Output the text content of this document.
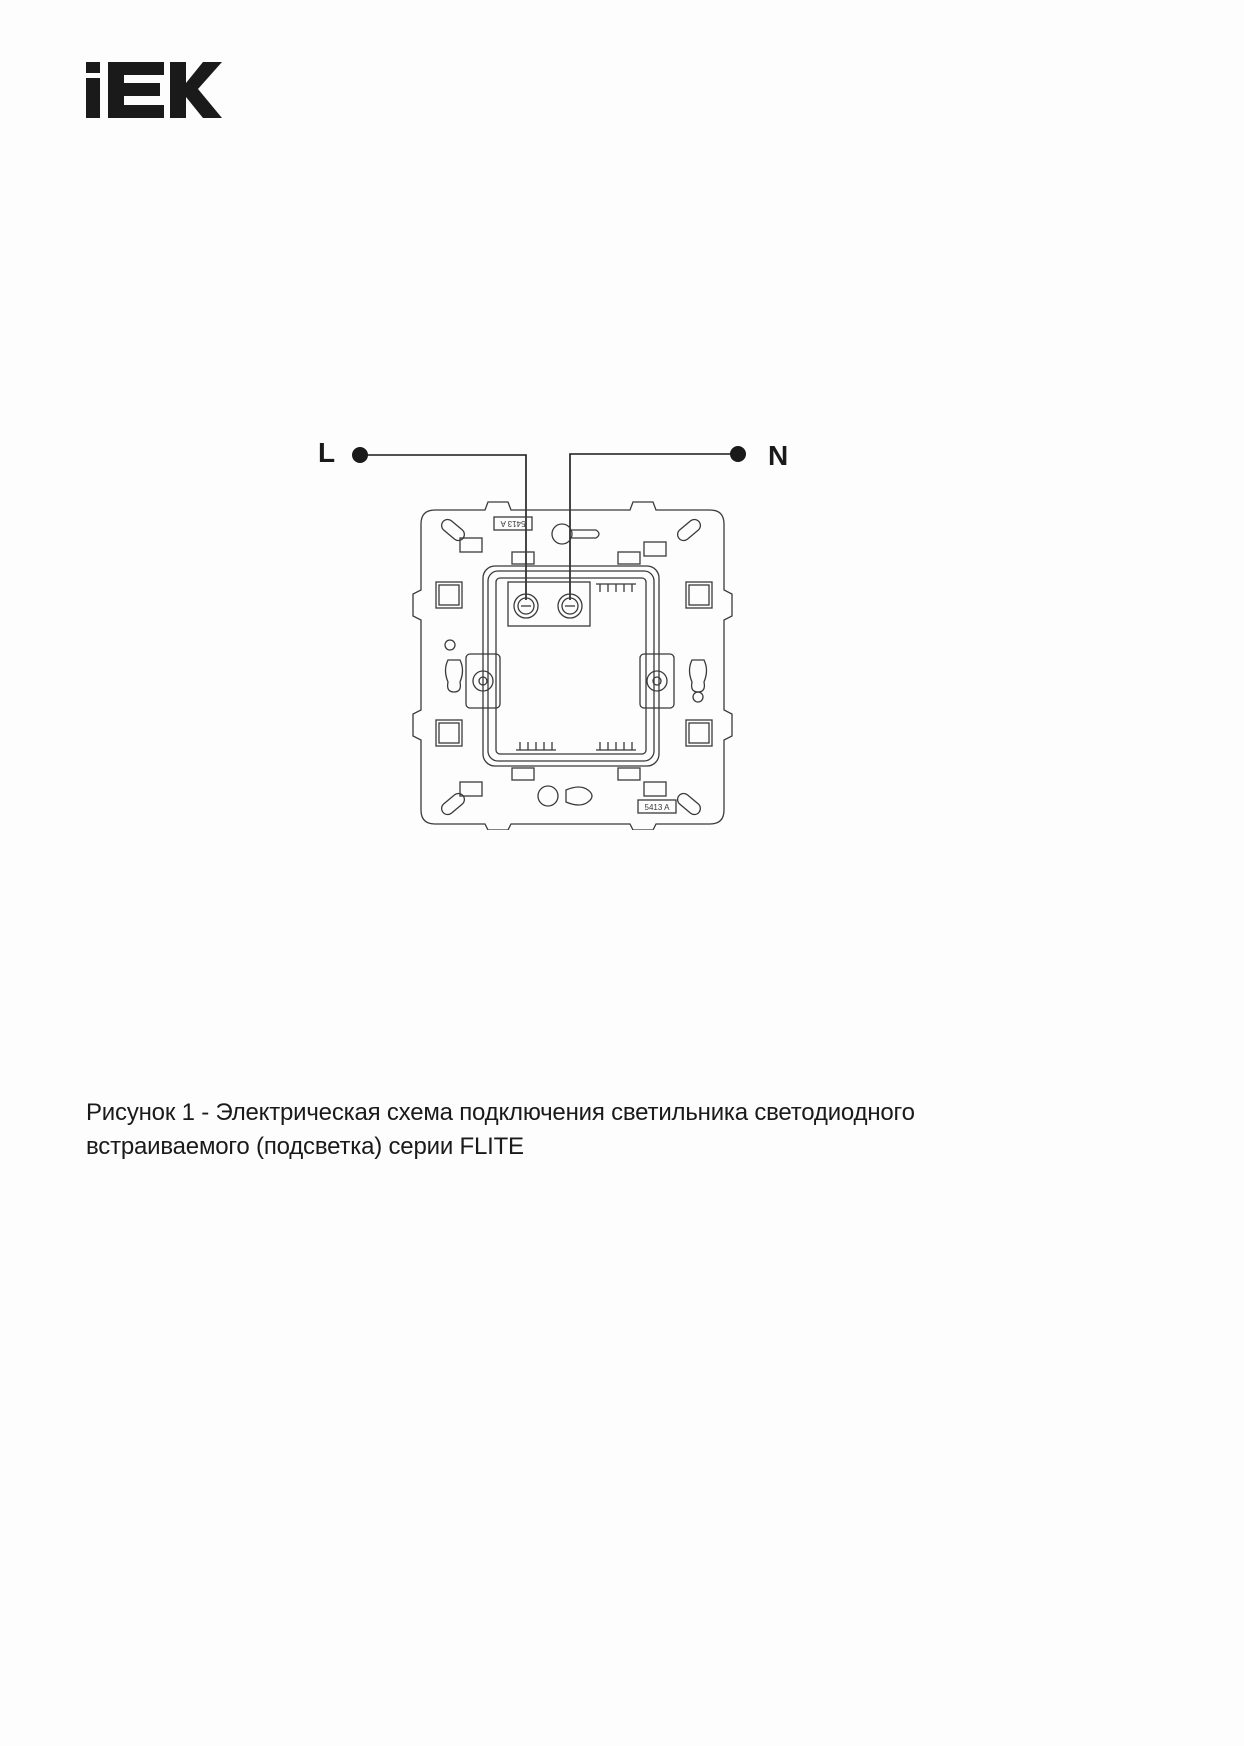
L	N
5413 A
5413 A
Рисунок 1 - Электрическая схема подключения светильника светодиодного
встраиваемого (подсветка) серии FLITE
